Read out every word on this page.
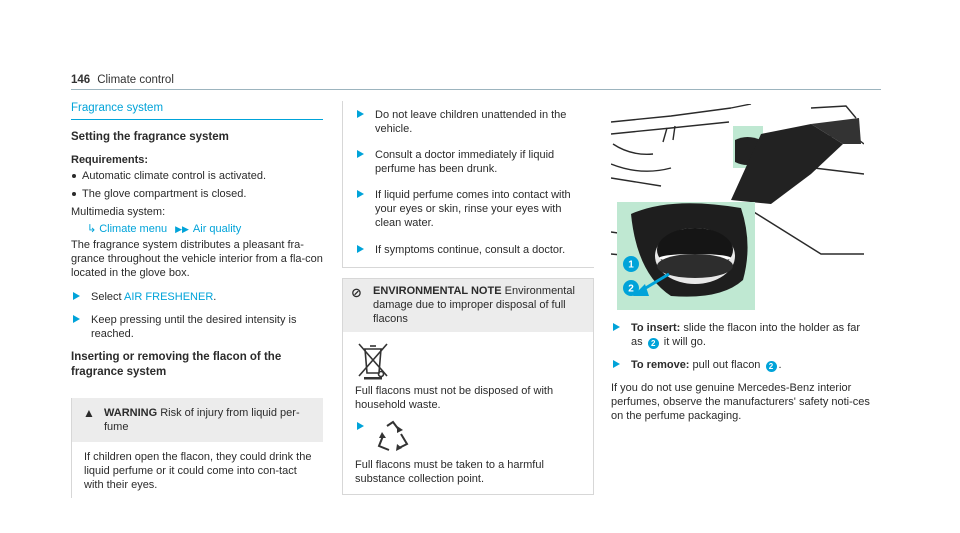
146 Climate control
Fragrance system
Setting the fragrance system
Requirements:
Automatic climate control is activated.
The glove compartment is closed.
Multimedia system:
↳ Climate menu ▶▶ Air quality
The fragrance system distributes a pleasant fra-grance throughout the vehicle interior from a fla-con located in the glove box.
Select AIR FRESHENER.
Keep pressing until the desired intensity is reached.
Inserting or removing the flacon of the fragrance system
▲ WARNING Risk of injury from liquid per-fume
If children open the flacon, they could drink the liquid perfume or it could come into con-tact with their eyes.
Do not leave children unattended in the vehicle.
Consult a doctor immediately if liquid perfume has been drunk.
If liquid perfume comes into contact with your eyes or skin, rinse your eyes with clean water.
If symptoms continue, consult a doctor.
⊘ ENVIRONMENTAL NOTE Environmental damage due to improper disposal of full flacons
Full flacons must not be disposed of with household waste.
Full flacons must be taken to a harmful substance collection point.
1
2
To insert: slide the flacon into the holder as far as 2 it will go.
To remove: pull out flacon 2 .
If you do not use genuine Mercedes-Benz interior perfumes, observe the manufacturers' safety noti-ces on the perfume packaging.
